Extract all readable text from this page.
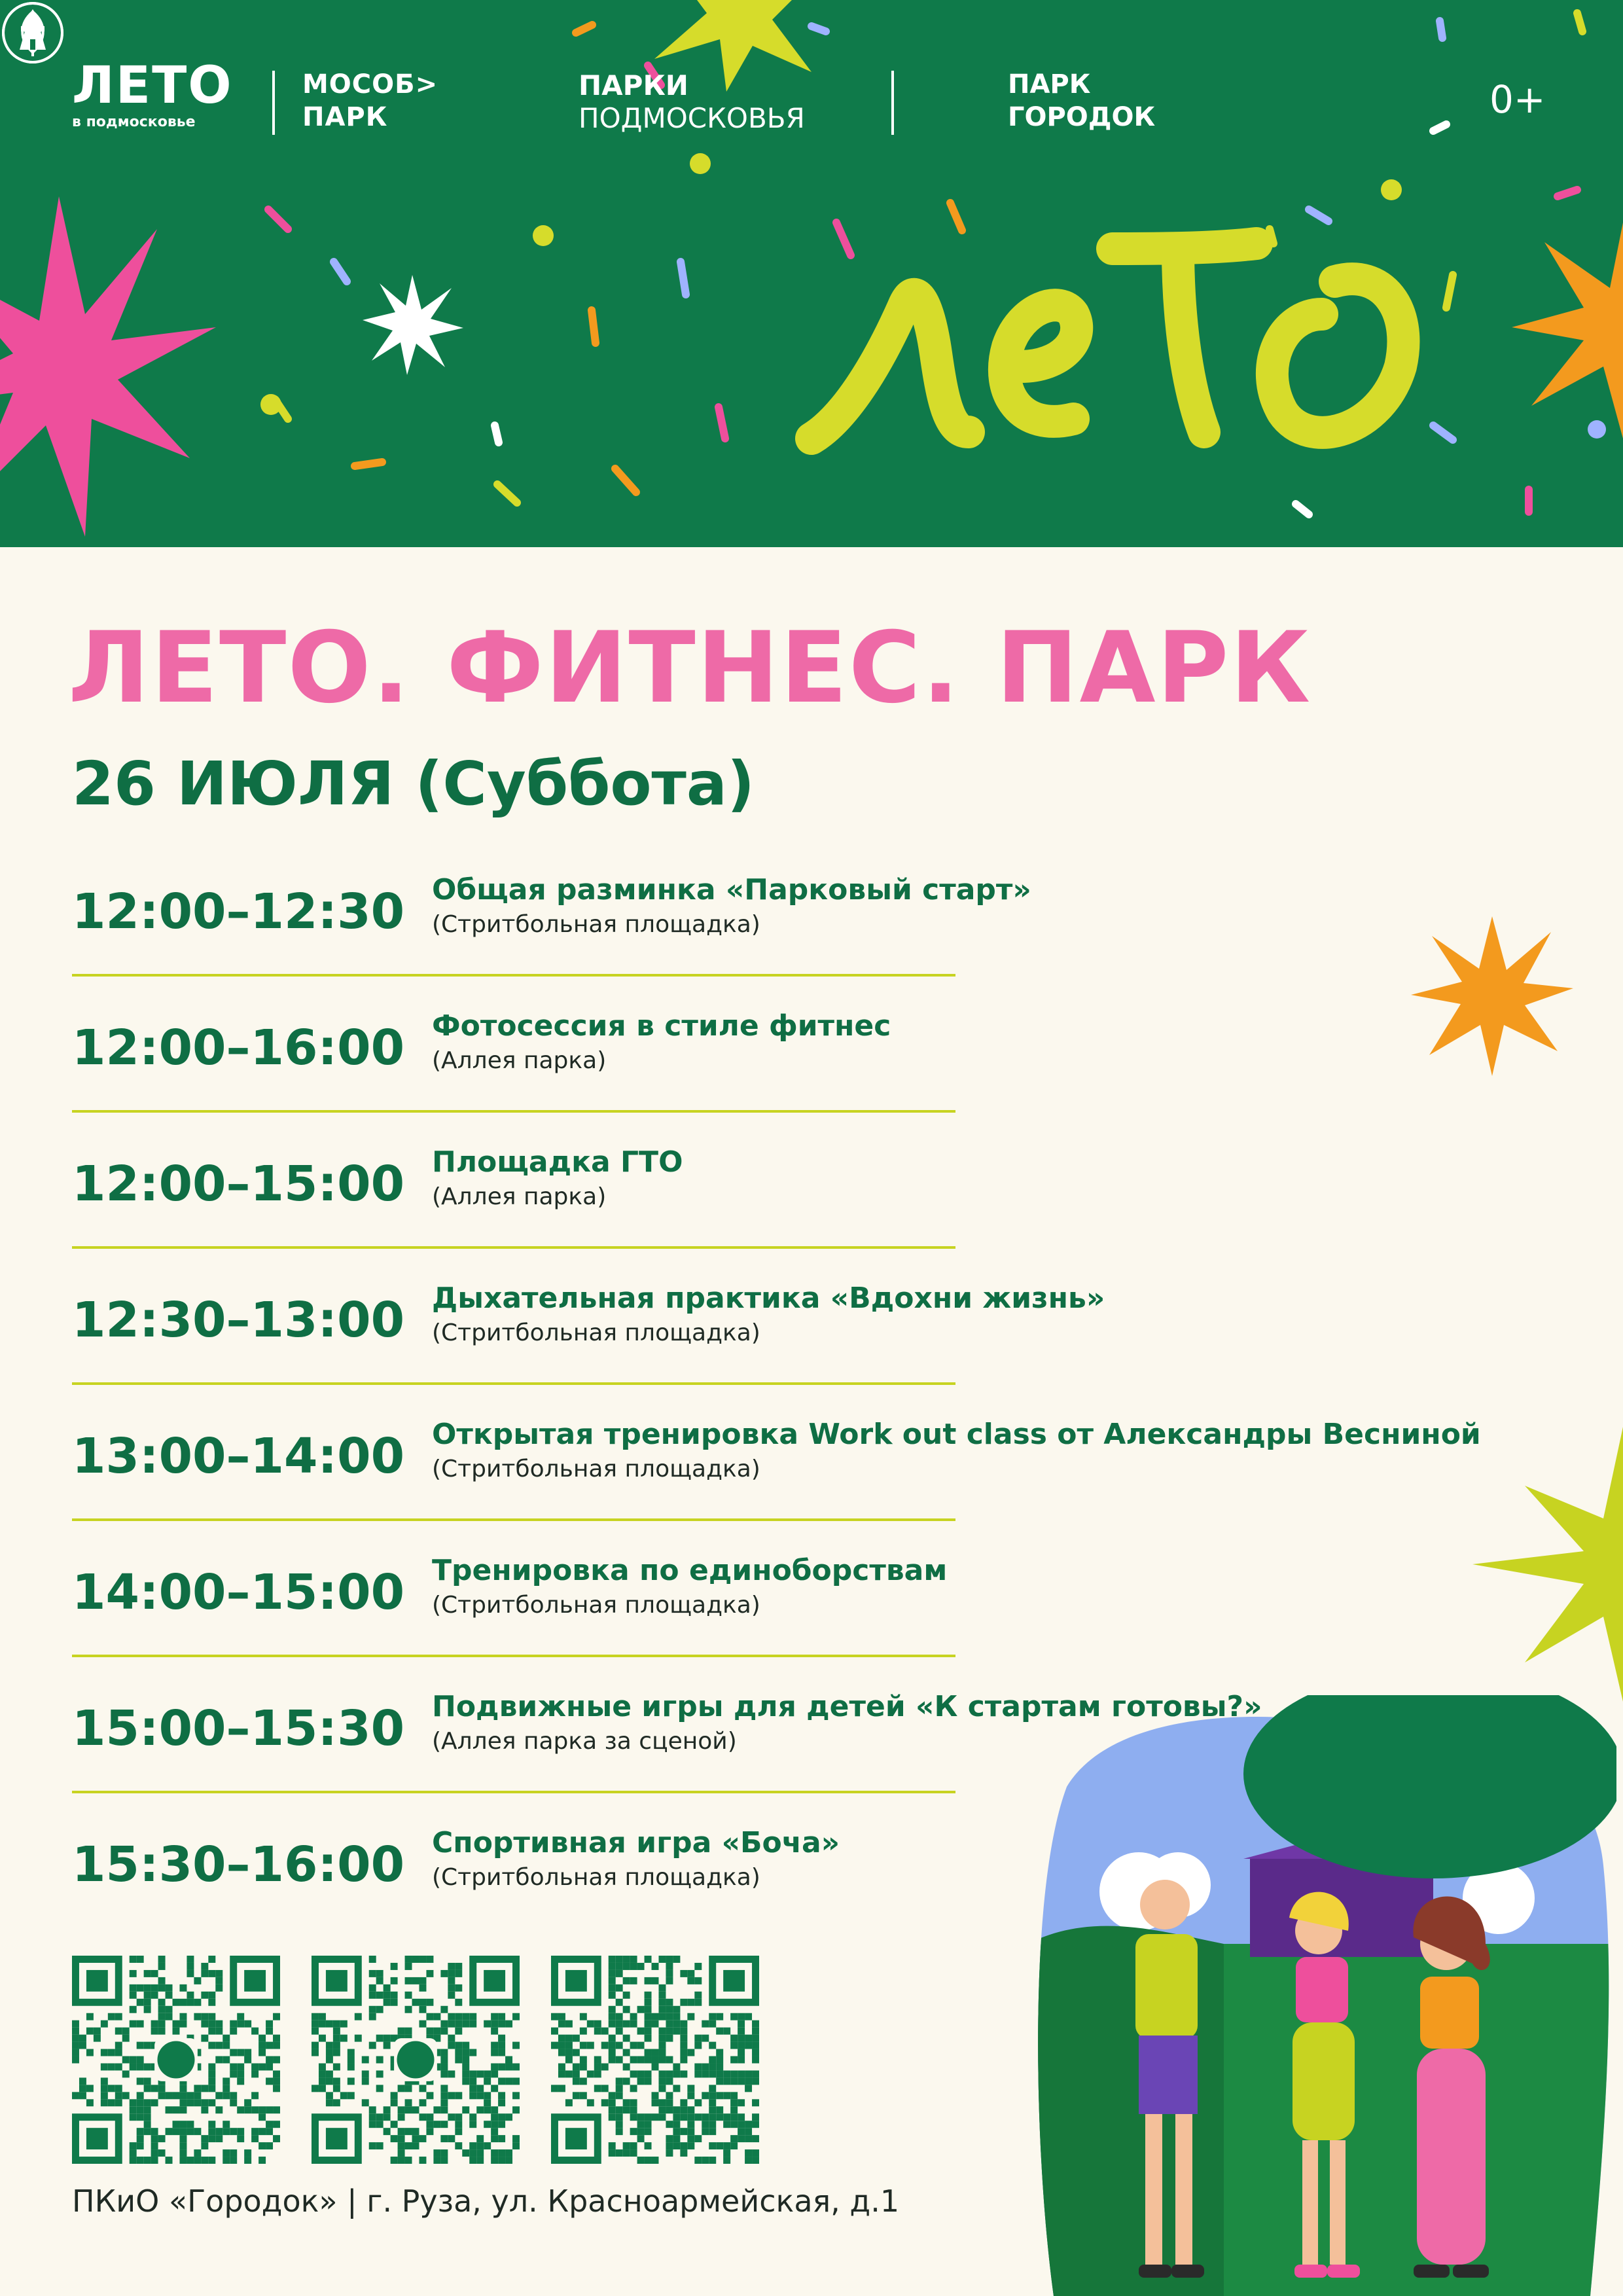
ЛЕТО
в подмосковье
МОСОБ>
ПАРК
ПАРКИ
ПОДМОСКОВЬЯ
ПАРК
ГОРОДОК	0+
ЛЕТО. ФИТНЕС. ПАРК
26 ИЮЛЯ (Суббота)
12:00–12:30 Общая разминка «Парковый старт»
(Стритбольная площадка)
12:00–16:00 Фотосессия в стиле фитнес
(Аллея парка)
12:00–15:00 Площадка ГТО
(Аллея парка)
12:30–13:00 Дыхательная практика «Вдохни жизнь»
(Стритбольная площадка)
13:00–14:00 Открытая тренировка Work out class от Александры Весниной
(Стритбольная площадка)
14:00–15:00 Тренировка по единоборствам
(Стритбольная площадка)
15:00–15:30 Подвижные игры для детей «К стартам готовы?»
(Аллея парка за сценой)
15:30–16:00 Спортивная игра «Боча»
(Стритбольная площадка)
ПКиО «Городок» | г. Руза, ул. Красноармейская, д.1
